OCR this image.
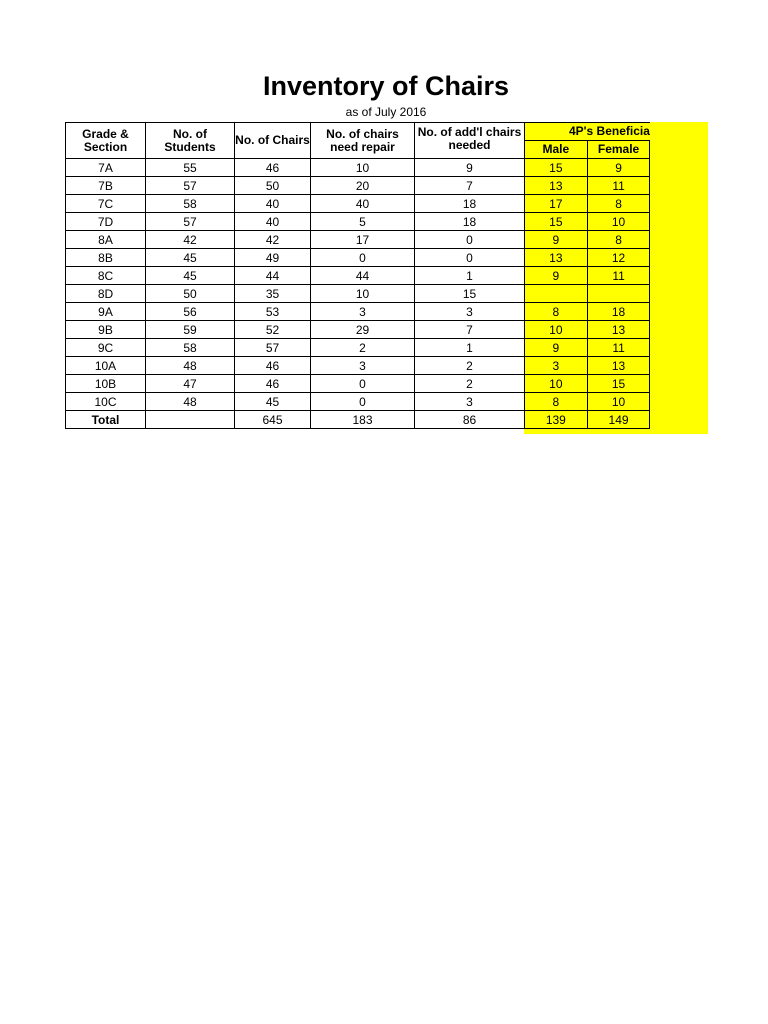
Inventory of Chairs
as of July 2016
Grade & Section	No. of Students	No. of Chairs	No. of chairs need repair	No. of add'l chairs needed	4P's Beneficia	
					Male	Female
7A	55	46	10	9	15	9
7B	57	50	20	7	13	11
7C	58	40	40	18	17	8
7D	57	40	5	18	15	10
8A	42	42	17	0	9	8
8B	45	49	0	0	13	12
8C	45	44	44	1	9	11
8D	50	35	10	15		
9A	56	53	3	3	8	18
9B	59	52	29	7	10	13
9C	58	57	2	1	9	11
10A	48	46	3	2	3	13
10B	47	46	0	2	10	15
10C	48	45	0	3	8	10
Total		645	183	86	139	149
